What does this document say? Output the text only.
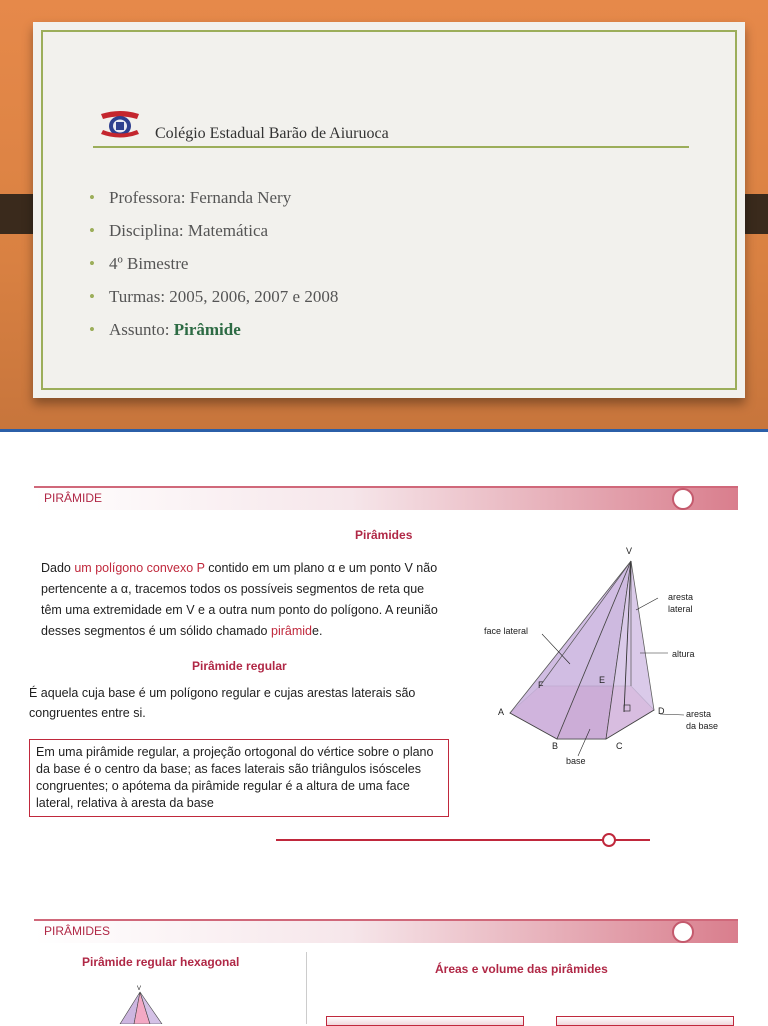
Colégio Estadual Barão de Aiuruoca
• Professora: Fernanda Nery
• Disciplina: Matemática
• 4º Bimestre
• Turmas: 2005, 2006, 2007 e 2008
• Assunto: Pirâmide
PIRÂMIDE
Pirâmides
Dado um polígono convexo P contido em um plano α e um ponto V não pertencente a α, tracemos todos os possíveis segmentos de reta que têm uma extremidade em V e a outra num ponto do polígono. A reunião desses segmentos é um sólido chamado pirâmide.
Pirâmide regular
É aquela cuja base é um polígono regular e cujas arestas laterais são congruentes entre si.
Em uma pirâmide regular, a projeção ortogonal do vértice sobre o plano da base é o centro da base; as faces laterais são triângulos isósceles congruentes; o apótema da pirâmide regular é a altura de uma face lateral, relativa à aresta da base
V
aresta
lateral
face lateral
altura
A
B	C
D
E
F
aresta
da base
base
PIRÂMIDES
Pirâmide regular hexagonal	Áreas e volume das pirâmides
V
